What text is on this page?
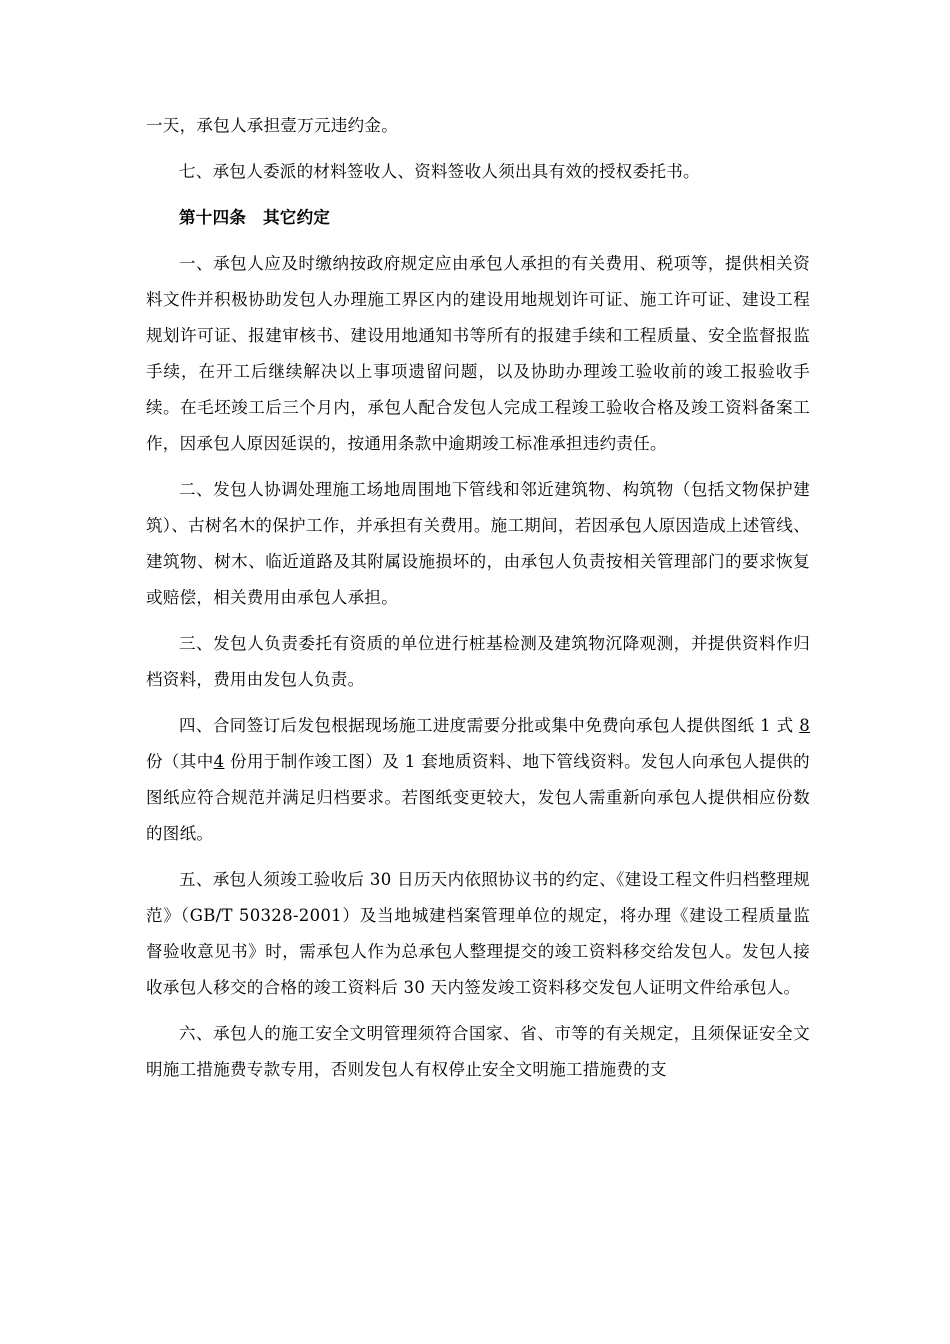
一天，承包人承担壹万元违约金。

七、承包人委派的材料签收人、资料签收人须出具有效的授权委托书。

第十四条　其它约定

一、承包人应及时缴纳按政府规定应由承包人承担的有关费用、税项等，提供相关资料文件并积极协助发包人办理施工界区内的建设用地规划许可证、施工许可证、建设工程规划许可证、报建审核书、建设用地通知书等所有的报建手续和工程质量、安全监督报监手续，在开工后继续解决以上事项遗留问题，以及协助办理竣工验收前的竣工报验收手续。在毛坯竣工后三个月内，承包人配合发包人完成工程竣工验收合格及竣工资料备案工作，因承包人原因延误的，按通用条款中逾期竣工标准承担违约责任。

二、发包人协调处理施工场地周围地下管线和邻近建筑物、构筑物（包括文物保护建筑）、古树名木的保护工作，并承担有关费用。施工期间，若因承包人原因造成上述管线、建筑物、树木、临近道路及其附属设施损坏的，由承包人负责按相关管理部门的要求恢复或赔偿，相关费用由承包人承担。

三、发包人负责委托有资质的单位进行桩基检测及建筑物沉降观测，并提供资料作归档资料，费用由发包人负责。

四、合同签订后发包根据现场施工进度需要分批或集中免费向承包人提供图纸 1 式 8 份（其中4 份用于制作竣工图）及 1 套地质资料、地下管线资料。发包人向承包人提供的图纸应符合规范并满足归档要求。若图纸变更较大，发包人需重新向承包人提供相应份数的图纸。

五、承包人须竣工验收后 30 日历天内依照协议书的约定、《建设工程文件归档整理规范》（GB/T 50328-2001）及当地城建档案管理单位的规定，将办理《建设工程质量监督验收意见书》时，需承包人作为总承包人整理提交的竣工资料移交给发包人。发包人接收承包人移交的合格的竣工资料后 30 天内签发竣工资料移交发包人证明文件给承包人。

六、承包人的施工安全文明管理须符合国家、省、市等的有关规定，且须保证安全文明施工措施费专款专用，否则发包人有权停止安全文明施工措施费的支
